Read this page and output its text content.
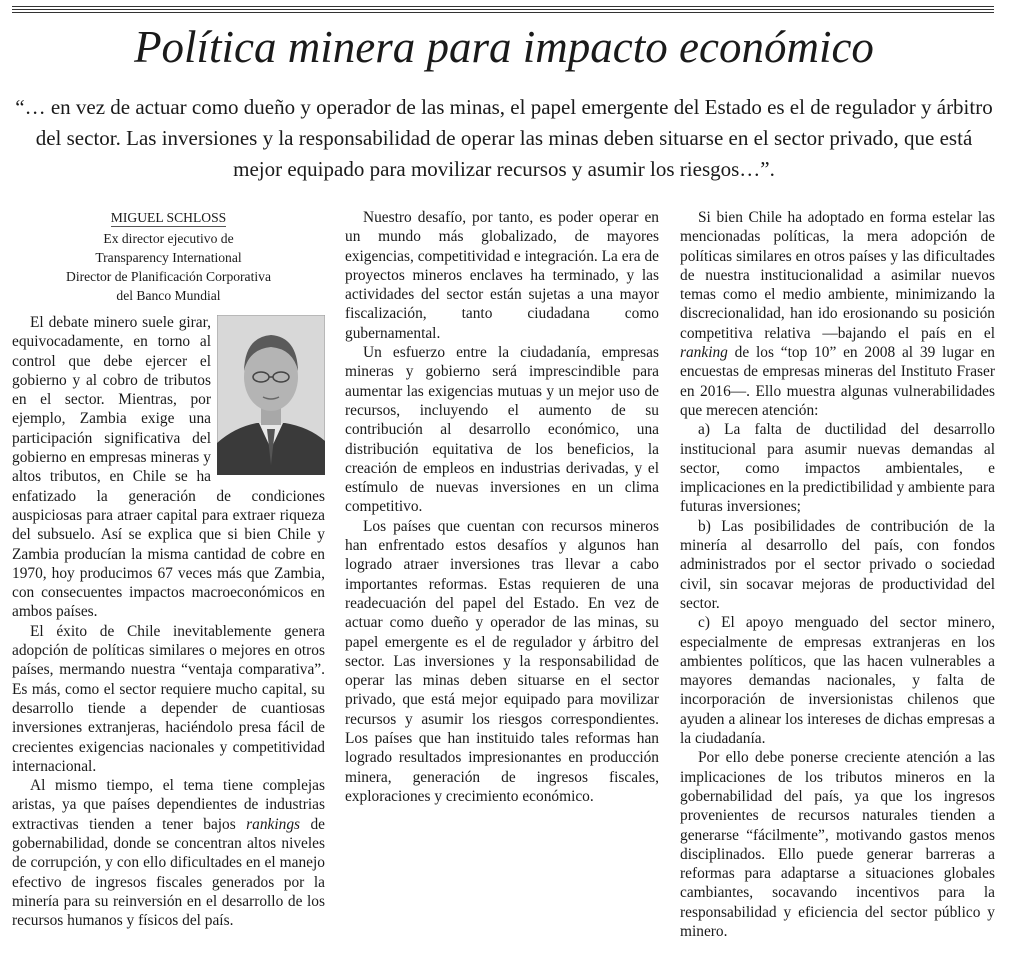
Política minera para impacto económico

“… en vez de actuar como dueño y operador de las minas, el papel emergente del Estado es el de regulador y árbitro del sector. Las inversiones y la responsabilidad de operar las minas deben situarse en el sector privado, que está mejor equipado para movilizar recursos y asumir los riesgos…”.

MIGUEL SCHLOSS
Ex director ejecutivo de
Transparency International
Director de Planificación Corporativa
del Banco Mundial

El debate minero suele girar, equivocadamente, en torno al control que debe ejercer el gobierno y al cobro de tributos en el sector. Mientras, por ejemplo, Zambia exige una participación significativa del gobierno en empresas mineras y altos tributos, en Chile se ha enfatizado la generación de condiciones auspiciosas para atraer capital para extraer riqueza del subsuelo. Así se explica que si bien Chile y Zambia producían la misma cantidad de cobre en 1970, hoy producimos 67 veces más que Zambia, con consecuentes impactos macroeconómicos en ambos países.

El éxito de Chile inevitablemente genera adopción de políticas similares o mejores en otros países, mermando nuestra “ventaja comparativa”. Es más, como el sector requiere mucho capital, su desarrollo tiende a depender de cuantiosas inversiones extranjeras, haciéndolo presa fácil de crecientes exigencias nacionales y competitividad internacional.

Al mismo tiempo, el tema tiene complejas aristas, ya que países dependientes de industrias extractivas tienden a tener bajos rankings de gobernabilidad, donde se concentran altos niveles de corrupción, y con ello dificultades en el manejo efectivo de ingresos fiscales generados por la minería para su reinversión en el desarrollo de los recursos humanos y físicos del país.

Nuestro desafío, por tanto, es poder operar en un mundo más globalizado, de mayores exigencias, competitividad e integración. La era de proyectos mineros enclaves ha terminado, y las actividades del sector están sujetas a una mayor fiscalización, tanto ciudadana como gubernamental.

Un esfuerzo entre la ciudadanía, empresas mineras y gobierno será imprescindible para aumentar las exigencias mutuas y un mejor uso de recursos, incluyendo el aumento de su contribución al desarrollo económico, una distribución equitativa de los beneficios, la creación de empleos en industrias derivadas, y el estímulo de nuevas inversiones en un clima competitivo.

Los países que cuentan con recursos mineros han enfrentado estos desafíos y algunos han logrado atraer inversiones tras llevar a cabo importantes reformas. Estas requieren de una readecuación del papel del Estado. En vez de actuar como dueño y operador de las minas, su papel emergente es el de regulador y árbitro del sector. Las inversiones y la responsabilidad de operar las minas deben situarse en el sector privado, que está mejor equipado para movilizar recursos y asumir los riesgos correspondientes. Los países que han instituido tales reformas han logrado resultados impresionantes en producción minera, generación de ingresos fiscales, exploraciones y crecimiento económico.

Si bien Chile ha adoptado en forma estelar las mencionadas políticas, la mera adopción de políticas similares en otros países y las dificultades de nuestra institucionalidad a asimilar nuevos temas como el medio ambiente, minimizando la discrecionalidad, han ido erosionando su posición competitiva relativa —bajando el país en el ranking de los “top 10” en 2008 al 39 lugar en encuestas de empresas mineras del Instituto Fraser en 2016—. Ello muestra algunas vulnerabilidades que merecen atención:

a) La falta de ductilidad del desarrollo institucional para asumir nuevas demandas al sector, como impactos ambientales, e implicaciones en la predictibilidad y ambiente para futuras inversiones;

b) Las posibilidades de contribución de la minería al desarrollo del país, con fondos administrados por el sector privado o sociedad civil, sin socavar mejoras de productividad del sector.

c) El apoyo menguado del sector minero, especialmente de empresas extranjeras en los ambientes políticos, que las hacen vulnerables a mayores demandas nacionales, y falta de incorporación de inversionistas chilenos que ayuden a alinear los intereses de dichas empresas a la ciudadanía.

Por ello debe ponerse creciente atención a las implicaciones de los tributos mineros en la gobernabilidad del país, ya que los ingresos provenientes de recursos naturales tienden a generarse “fácilmente”, motivando gastos menos disciplinados. Ello puede generar barreras a reformas para adaptarse a situaciones globales cambiantes, socavando incentivos para la responsabilidad y eficiencia del sector público y minero.
